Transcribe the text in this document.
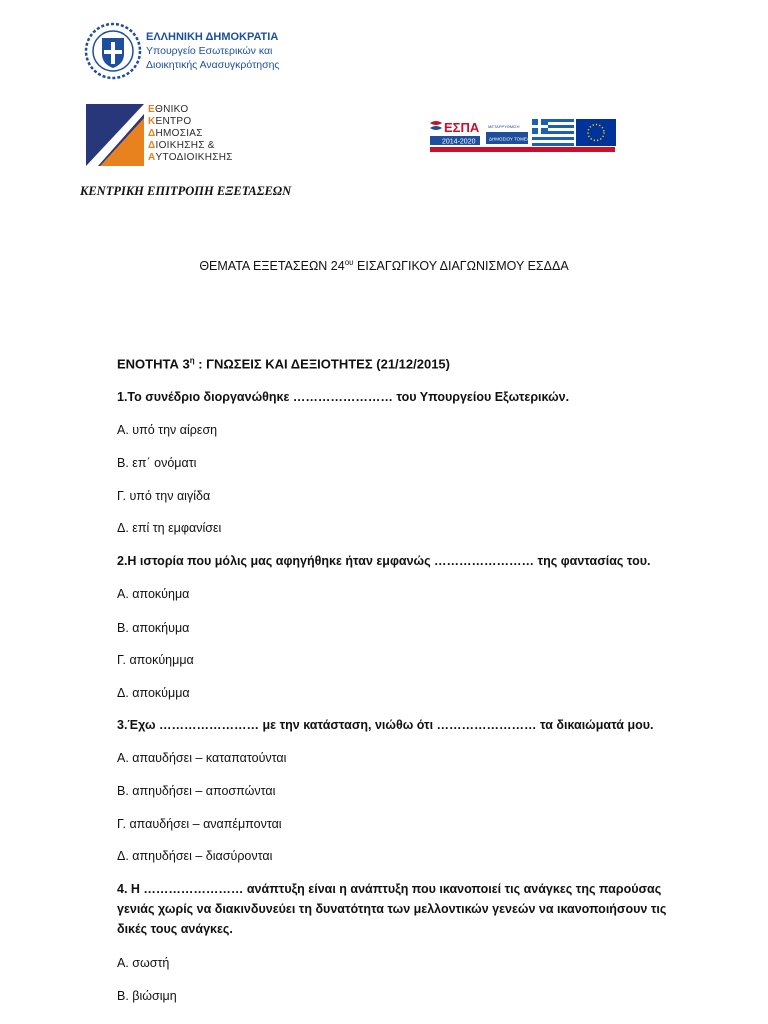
ΕΛΛΗΝΙΚΗ ΔΗΜΟΚΡΑΤΙΑ
Υπουργείο Εσωτερικών και
Διοικητικής Ανασυγκρότησης
ΕΘΝΙΚΟ
ΚΕΝΤΡΟ
ΔΗΜΟΣΙΑΣ
ΔΙΟΙΚΗΣΗΣ &
ΑΥΤΟΔΙΟΙΚΗΣΗΣ
ΕΣΠΑ
2014-2020
ΜΕΤΑΡΡΥΘΜΙΣΗ
ΔΗΜΟΣΙΟΥ ΤΟΜΕΑ
ΚΕΝΤΡΙΚΗ ΕΠΙΤΡΟΠΗ ΕΞΕΤΑΣΕΩΝ
ΘΕΜΑΤΑ ΕΞΕΤΑΣΕΩΝ $24^{o\upsilon}$ ΕΙΣΑΓΩΓΙΚΟΥ ΔΙΑΓΩΝΙΣΜΟΥ ΕΣΔΔΑ
ΕΝΟΤΗΤΑ $3^\eta$ : ΓΝΩΣΕΙΣ ΚΑΙ ΔΕΞΙΟΤΗΤΕΣ (21/12/2015)
1.Το συνέδριο διοργανώθηκε …………………… του Υπουργείου Εξωτερικών.
Α. υπό την αίρεση
Β. επ΄ ονόματι
Γ. υπό την αιγίδα
Δ. επί τη εμφανίσει
2.Η ιστορία που μόλις μας αφηγήθηκε ήταν εμφανώς …………………… της φαντασίας του.
Α. αποκύημα
Β. αποκήυμα
Γ. αποκύημμα
Δ. αποκύμμα
3.Έχω …………………… με την κατάσταση, νιώθω ότι …………………… τα δικαιώματά μου.
Α. απαυδήσει – καταπατούνται
Β. απηυδήσει – αποσπώνται
Γ. απαυδήσει – αναπέμπονται
Δ. απηυδήσει – διασύρονται
4. Η …………………… ανάπτυξη είναι η ανάπτυξη που ικανοποιεί τις ανάγκες της παρούσας γενιάς χωρίς να διακινδυνεύει τη δυνατότητα των μελλοντικών γενεών να ικανοποιήσουν τις δικές τους ανάγκες.
Α. σωστή
Β. βιώσιμη
